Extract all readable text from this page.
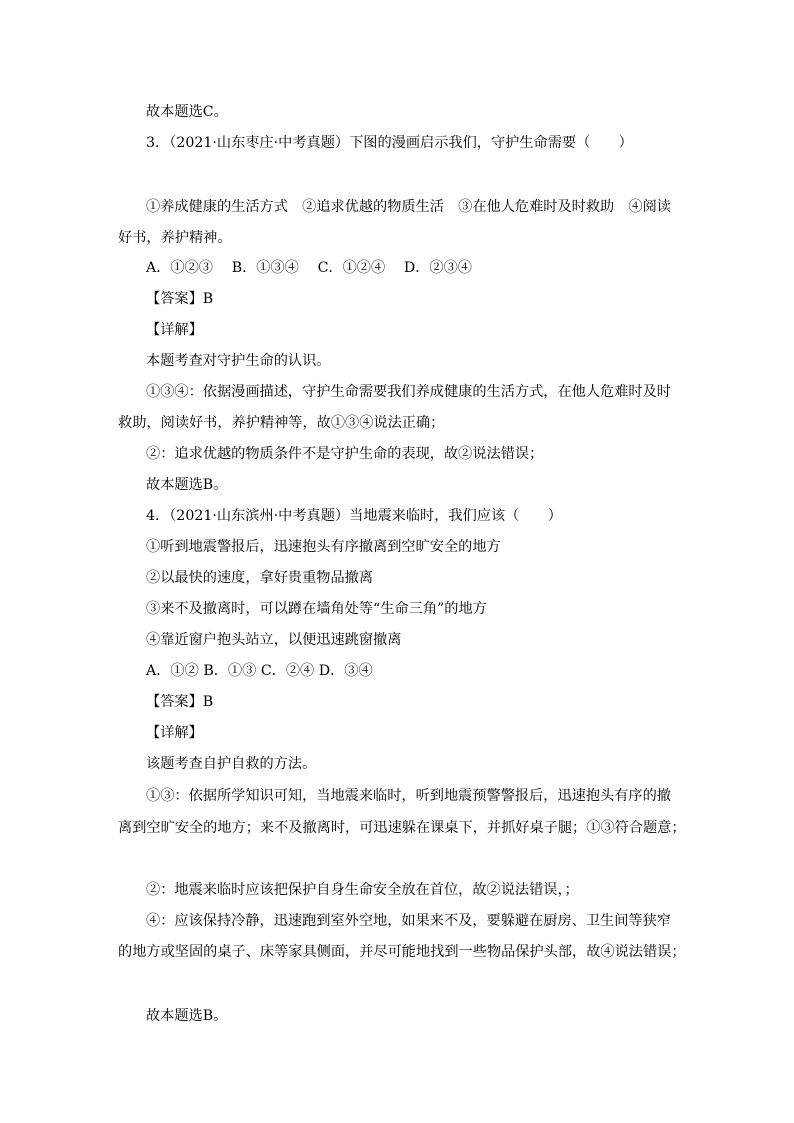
故本题选C。
3．（2021·山东枣庄·中考真题）下图的漫画启示我们，守护生命需要（　　）
①养成健康的生活方式　②追求优越的物质生活　③在他人危难时及时救助　④阅读
好书，养护精神。
A．①②③　 B．①③④　 C．①②④　 D．②③④
【答案】B
【详解】
本题考查对守护生命的认识。
①③④：依据漫画描述，守护生命需要我们养成健康的生活方式，在他人危难时及时
救助，阅读好书，养护精神等，故①③④说法正确；
②：追求优越的物质条件不是守护生命的表现，故②说法错误；
故本题选B。
4．（2021·山东滨州·中考真题）当地震来临时，我们应该（　　）
①听到地震警报后，迅速抱头有序撤离到空旷安全的地方
②以最快的速度，拿好贵重物品撤离
③来不及撤离时，可以蹲在墙角处等“生命三角”的地方
④靠近窗户抱头站立，以便迅速跳窗撤离
A．①② B．①③ C．②④ D．③④
【答案】B
【详解】
该题考查自护自救的方法。
①③：依据所学知识可知，当地震来临时，听到地震预警警报后，迅速抱头有序的撤
离到空旷安全的地方；来不及撤离时，可迅速躲在课桌下，并抓好桌子腿；①③符合题意；
②：地震来临时应该把保护自身生命安全放在首位，故②说法错误，；
④：应该保持冷静，迅速跑到室外空地，如果来不及，要躲避在厨房、卫生间等狭窄
的地方或坚固的桌子、床等家具侧面，并尽可能地找到一些物品保护头部，故④说法错误；
故本题选B。
